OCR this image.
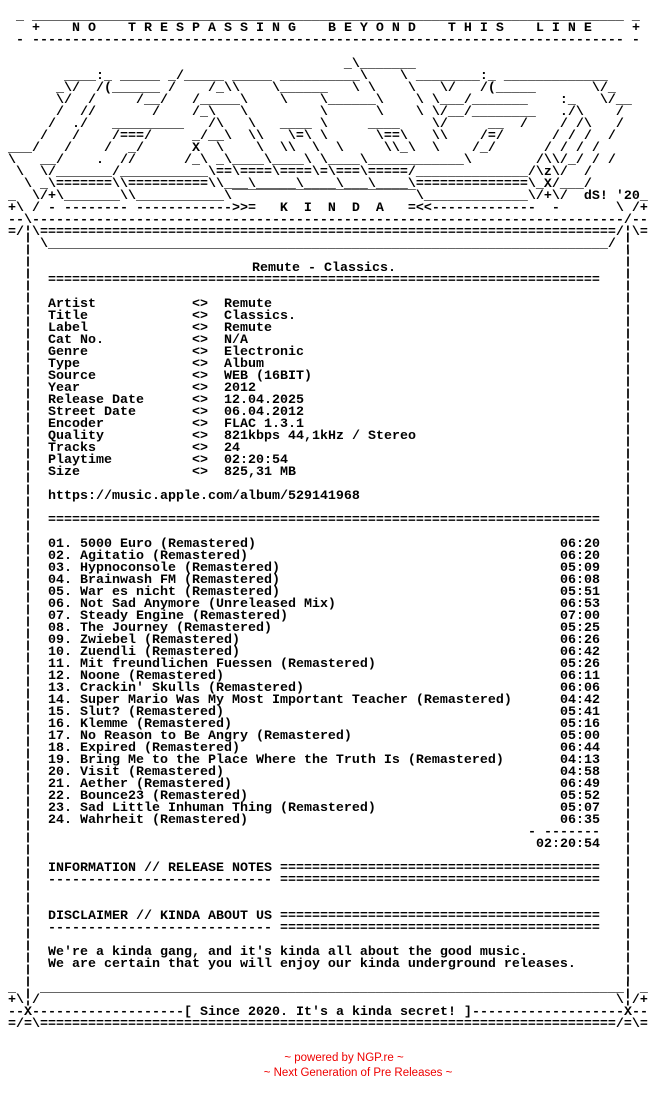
Remute - Classics.
=====================================================================
Artist	<>	Remute
Title	<>	Classics.
Label	<>	Remute
Cat No.	<>	N/A
Genre	<>	Electronic
Type	<>	Album
Source	<>	WEB (16BIT)
Year	<>	2012
Release Date	<>	12.04.2025
Street Date	<>	06.04.2012
Encoder	<>	FLAC 1.3.1
Quality	<>	821kbps 44,1kHz / Stereo
Tracks	<>	24
Playtime	<>	02:20:54
Size	<>	825,31 MB
https://music.apple.com/album/529141968
=====================================================================
01. 5000 Euro (Remastered)	06:20
02. Agitatio (Remastered)	06:20
03. Hypnoconsole (Remastered)	05:09
04. Brainwash FM (Remastered)	06:08
05. War es nicht (Remastered)	05:51
06. Not Sad Anymore (Unreleased Mix)	06:53
07. Steady Engine (Remastered)	07:00
08. The Journey (Remastered)	05:25
09. Zwiebel (Remastered)	06:26
10. Zuendli (Remastered)	06:42
11. Mit freundlichen Fuessen (Remastered)	05:26
12. Noone (Remastered)	06:11
13. Crackin' Skulls (Remastered)	06:06
14. Super Mario Was My Most Important Teacher (Remastered)	04:42
15. Slut? (Remastered)	05:41
16. Klemme (Remastered)	05:16
17. No Reason to Be Angry (Remastered)	05:00
18. Expired (Remastered)	06:44
19. Bring Me to the Place Where the Truth Is (Remastered)	04:13
20. Visit (Remastered)	04:58
21. Aether (Remastered)	06:49
22. Bounce23 (Remastered)	05:52
23. Sad Little Inhuman Thing (Remastered)	05:07
24. Wahrheit (Remastered)	06:35
- -------
02:20:54
INFORMATION // RELEASE NOTES ========================================
---------------------------- ========================================
DISCLAIMER // KINDA ABOUT US ========================================
---------------------------- ========================================
We're a kinda gang, and it's kinda all about the good music.
We are certain that you will enjoy our kinda underground releases.
~ powered by NGP.re ~
~ Next Generation of Pre Releases ~
_ __________________________________________________________________________ _
+ N O    T R E S P A S S I N G    B E Y O N D    T H I S    L I N E	+
- -------------------------------------------------------------------------- -
_\_______
____:_ _____ _/_____ _____ __________\    \ ________:_ _____________
_\/  /(______ /    /_\\    \______   \ \    \   \/   /(_____       \/_
\/  /     /__/   /_____\    \    \______\    \ \___/_______    :_   \/__
/  //       /    /_\   \         \      \    \ \/__/________   ./\    /
/  ./   _________   /\   \   ____ \     ____    \/     __  /    / /\   /
/   /    /===/     _/__\  \\   \=\ \      \==\   \\    /=/      / / /  /
___/   /    /  _/      X  \    \  \\  \  \     \\_\  \    /_/      / / / /
\   __/    .  //      /_\ _\____\____\ \____\____________\        /\\/_/ / /
\  \/_______/___________\==\====\====\=\===\=====/______________/\z\/  /
\ _\=======\\==========\\___\_____\____\___\____\==============\_X/___/
_  \/+\_______\\___________\¯¯¯¯¯¯¯¯¯¯¯¯¯¯¯¯¯¯¯¯¯¯¯\_____________\/+\/  dS! '20_
+\ / - -------- ------------>>=   K  I  N  D  A   =<<-------------  -       \ /+
--\--------------------------------------------------------------------------/--
=/¦\========================================================================/¦\=
¦ \______________________________________________________________________/ ¦
¦	¦
¦	¦
¦	¦
¦	¦
¦	¦
¦	¦
¦	¦
¦	¦
¦	¦
¦	¦
¦	¦
¦	¦
¦	¦
¦	¦
¦	¦
¦	¦
¦	¦
¦	¦
¦	¦
¦	¦
¦	¦
¦	¦
¦	¦
¦	¦
¦	¦
¦	¦
¦	¦
¦	¦
¦	¦
¦	¦
¦	¦
¦	¦
¦	¦
¦	¦
¦	¦
¦	¦
¦	¦
¦	¦
¦	¦
¦	¦
¦	¦
¦	¦
¦	¦
¦	¦
¦	¦
¦	¦
¦	¦
¦	¦
¦	¦
¦	¦
¦	¦
¦	¦
¦	¦
¦	¦
¦	¦
¦	¦
¦	¦
¦	¦
¦	¦
¦	¦
¦	¦
_ ¦ _________________________________________________________________________¦ _
+\¦/                                                                        \¦/+
--X------------------- [ Since 2020. It's a kinda secret! ] -------------------X--
=/=\========================================================================/=\=
